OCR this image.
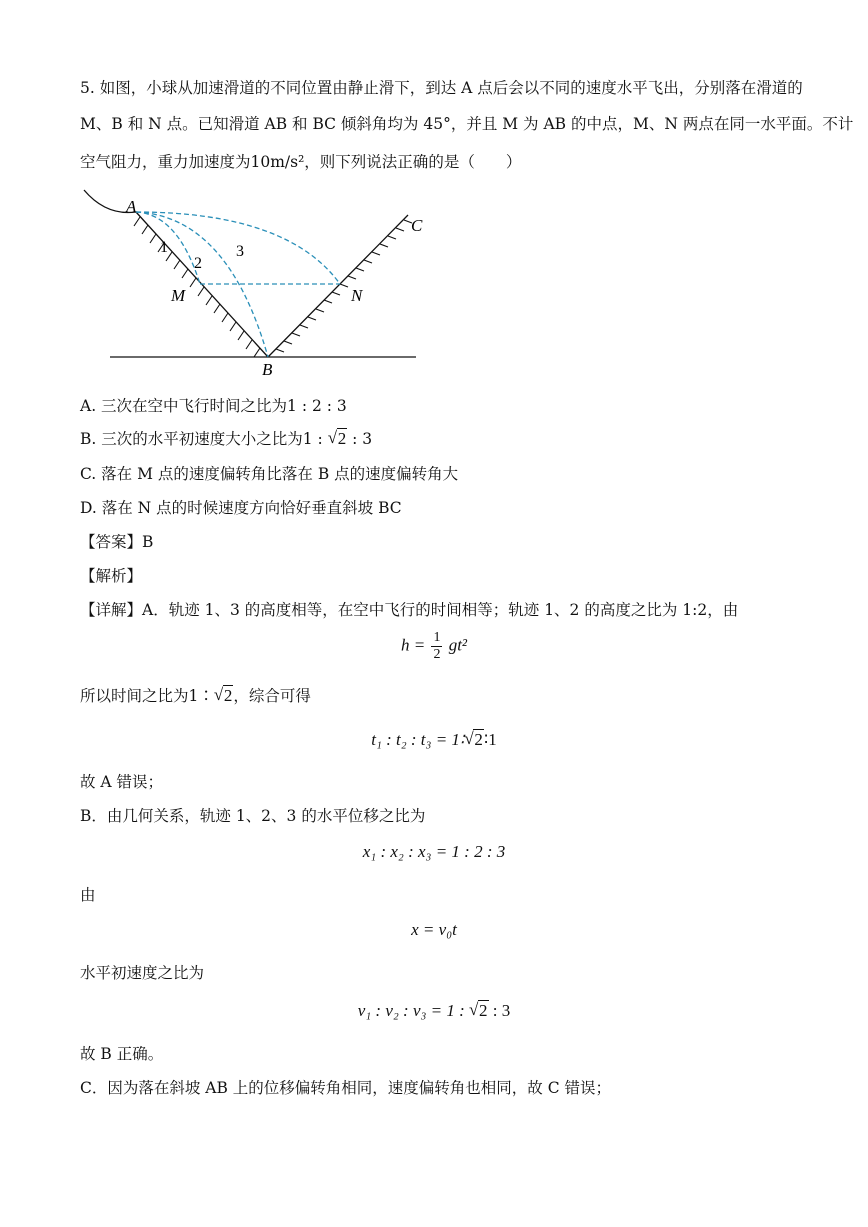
5. 如图，小球从加速滑道的不同位置由静止滑下，到达 A 点后会以不同的速度水平飞出，分别落在滑道的
M、B 和 N 点。已知滑道 AB 和 BC 倾斜角均为 45°，并且 M 为 AB 的中点，M、N 两点在同一水平面。不计
空气阻力，重力加速度为10m/s²，则下列说法正确的是（　　）
A
B
C
M	N
1
2
3
A. 三次在空中飞行时间之比为1 : 2 : 3
B. 三次的水平初速度大小之比为1 : √ 2 : 3
C. 落在 M 点的速度偏转角比落在 B 点的速度偏转角大
D. 落在 N 点的时候速度方向恰好垂直斜坡 BC
【答案】B
【解析】
【详解】A．轨迹 1、3 的高度相等，在空中飞行的时间相等；轨迹 1、2 的高度之比为 1:2，由
$h = \frac{1}{2} gt^2$
所以时间之比为1∶ √ 2，综合可得
t₁ : t₂ : t₃ = 1∶ √ 2∶1
故 A 错误；
B．由几何关系，轨迹 1、2、3 的水平位移之比为
x₁ : x₂ : x₃ = 1 : 2 : 3
由
x = v₀t
水平初速度之比为
v₁ : v₂ : v₃ = 1 : √ 2 : 3
故 B 正确。
C．因为落在斜坡 AB 上的位移偏转角相同，速度偏转角也相同，故 C 错误；
